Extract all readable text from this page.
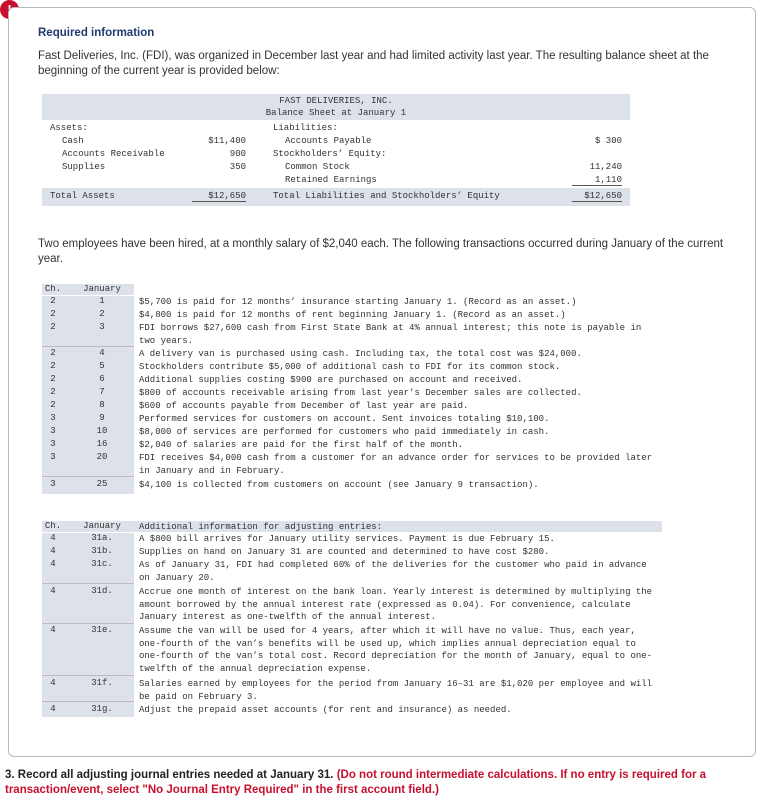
Required information
Fast Deliveries, Inc. (FDI), was organized in December last year and had limited activity last year. The resulting balance sheet at the beginning of the current year is provided below:
FAST DELIVERIES, INC.
Balance Sheet at January 1
Assets:	Liabilities:
Cash	$11,400	Accounts Payable	$ 300
Accounts Receivable	900	Stockholders’ Equity:
Supplies	350	Common Stock	11,240
Retained Earnings	1,110
Total Assets	$12,650	Total Liabilities and Stockholders’ Equity	$12,650
Two employees have been hired, at a monthly salary of $2,040 each. The following transactions occurred during January of the current year.
Ch.	January
2	1	$5,700 is paid for 12 months’ insurance starting January 1. (Record as an asset.)
2	2	$4,800 is paid for 12 months of rent beginning January 1. (Record as an asset.)
2	3	FDI borrows $27,600 cash from First State Bank at 4% annual interest; this note is payable in two years.
2	4	A delivery van is purchased using cash. Including tax, the total cost was $24,000.
2	5	Stockholders contribute $5,000 of additional cash to FDI for its common stock.
2	6	Additional supplies costing $900 are purchased on account and received.
2	7	$800 of accounts receivable arising from last year’s December sales are collected.
2	8	$600 of accounts payable from December of last year are paid.
3	9	Performed services for customers on account. Sent invoices totaling $10,100.
3	10	$8,000 of services are performed for customers who paid immediately in cash.
3	16	$2,040 of salaries are paid for the first half of the month.
3	20	FDI receives $4,000 cash from a customer for an advance order for services to be provided later in January and in February.
3	25	$4,100 is collected from customers on account (see January 9 transaction).
Ch.	January Additional information for adjusting entries:
4	31a.	A $800 bill arrives for January utility services. Payment is due February 15.
4	31b.	Supplies on hand on January 31 are counted and determined to have cost $280.
4	31c.	As of January 31, FDI had completed 60% of the deliveries for the customer who paid in advance on January 20.
4	31d.	Accrue one month of interest on the bank loan. Yearly interest is determined by multiplying the amount borrowed by the annual interest rate (expressed as 0.04). For convenience, calculate January interest as one-twelfth of the annual interest.
4	31e.	Assume the van will be used for 4 years, after which it will have no value. Thus, each year, one-fourth of the van’s benefits will be used up, which implies annual depreciation equal to one-fourth of the van’s total cost. Record depreciation for the month of January, equal to one-twelfth of the annual depreciation expense.
4	31f.	Salaries earned by employees for the period from January 16–31 are $1,020 per employee and will be paid on February 3.
4	31g.	Adjust the prepaid asset accounts (for rent and insurance) as needed.
3. Record all adjusting journal entries needed at January 31. (Do not round intermediate calculations. If no entry is required for a transaction/event, select "No Journal Entry Required" in the first account field.)
